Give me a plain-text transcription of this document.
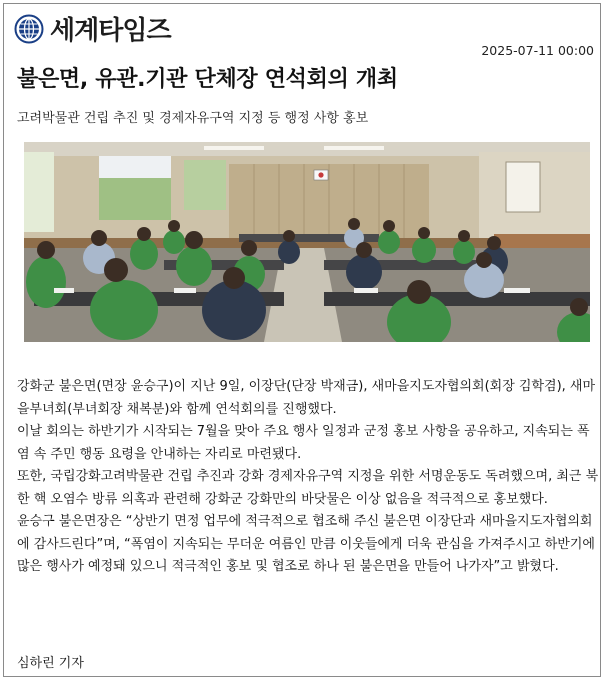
세계타임즈
2025-07-11 00:00
불은면, 유관.기관 단체장 연석회의 개최
고려박물관 건립 추진 및 경제자유구역 지정 등 행정 사항 홍보

강화군 불은면(면장 윤승구)이 지난 9일, 이장단(단장 박재금), 새마을지도자협의회(회장 김학겸), 새마을부녀회(부녀회장 채복분)와 함께 연석회의를 진행했다.

이날 회의는 하반기가 시작되는 7월을 맞아 주요 행사 일정과 군정 홍보 사항을 공유하고, 지속되는 폭염 속 주민 행동 요령을 안내하는 자리로 마련됐다.

또한, 국립강화고려박물관 건립 추진과 강화 경제자유구역 지정을 위한 서명운동도 독려했으며, 최근 북한 핵 오염수 방류 의혹과 관련해 강화군 강화만의 바닷물은 이상 없음을 적극적으로 홍보했다.

윤승구 불은면장은 “상반기 면정 업무에 적극적으로 협조해 주신 불은면 이장단과 새마을지도자협의회에 감사드린다”며, “폭염이 지속되는 무더운 여름인 만큼 이웃들에게 더욱 관심을 가져주시고 하반기에 많은 행사가 예정돼 있으니 적극적인 홍보 및 협조로 하나 된 불은면을 만들어 나가자”고 밝혔다.

심하린 기자
